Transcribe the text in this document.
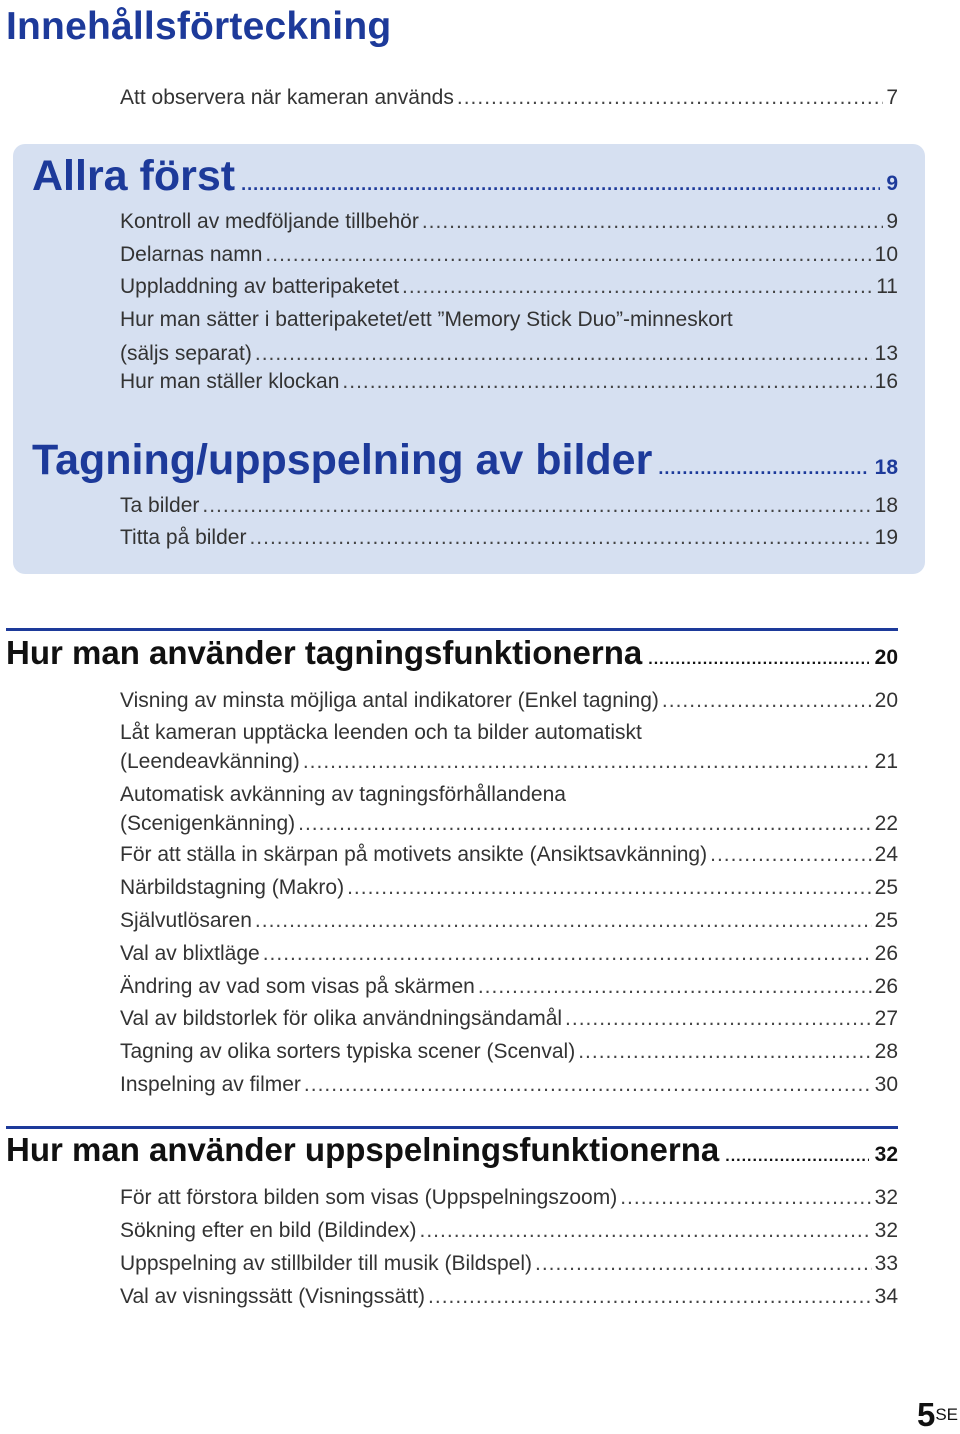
Innehållsförteckning
Att observera när kameran används .....	7
Allra först .....	9
Kontroll av medföljande tillbehör .....	9
Delarnas namn .....	10
Uppladdning av batteripaketet .....	11
Hur man sätter i batteripaketet/ett ”Memory Stick Duo”-minneskort
(säljs separat) .....	13
Hur man ställer klockan .....	16
Tagning/uppspelning av bilder .....	18
Ta bilder .....	18
Titta på bilder .....	19
Hur man använder tagningsfunktionerna .....	20
Visning av minsta möjliga antal indikatorer (Enkel tagning) .....	20
Låt kameran upptäcka leenden och ta bilder automatiskt
(Leendeavkänning) .....	21
Automatisk avkänning av tagningsförhållandena
(Scenigenkänning) .....	22
För att ställa in skärpan på motivets ansikte (Ansiktsavkänning) .....	24
Närbildstagning (Makro) .....	25
Självutlösaren .....	25
Val av blixtläge .....	26
Ändring av vad som visas på skärmen .....	26
Val av bildstorlek för olika användningsändamål .....	27
Tagning av olika sorters typiska scener (Scenval) .....	28
Inspelning av filmer .....	30
Hur man använder uppspelningsfunktionerna .....	32
För att förstora bilden som visas (Uppspelningszoom) .....	32
Sökning efter en bild (Bildindex) .....	32
Uppspelning av stillbilder till musik (Bildspel) .....	33
Val av visningssätt (Visningssätt) .....	34
$5^{SE}$
